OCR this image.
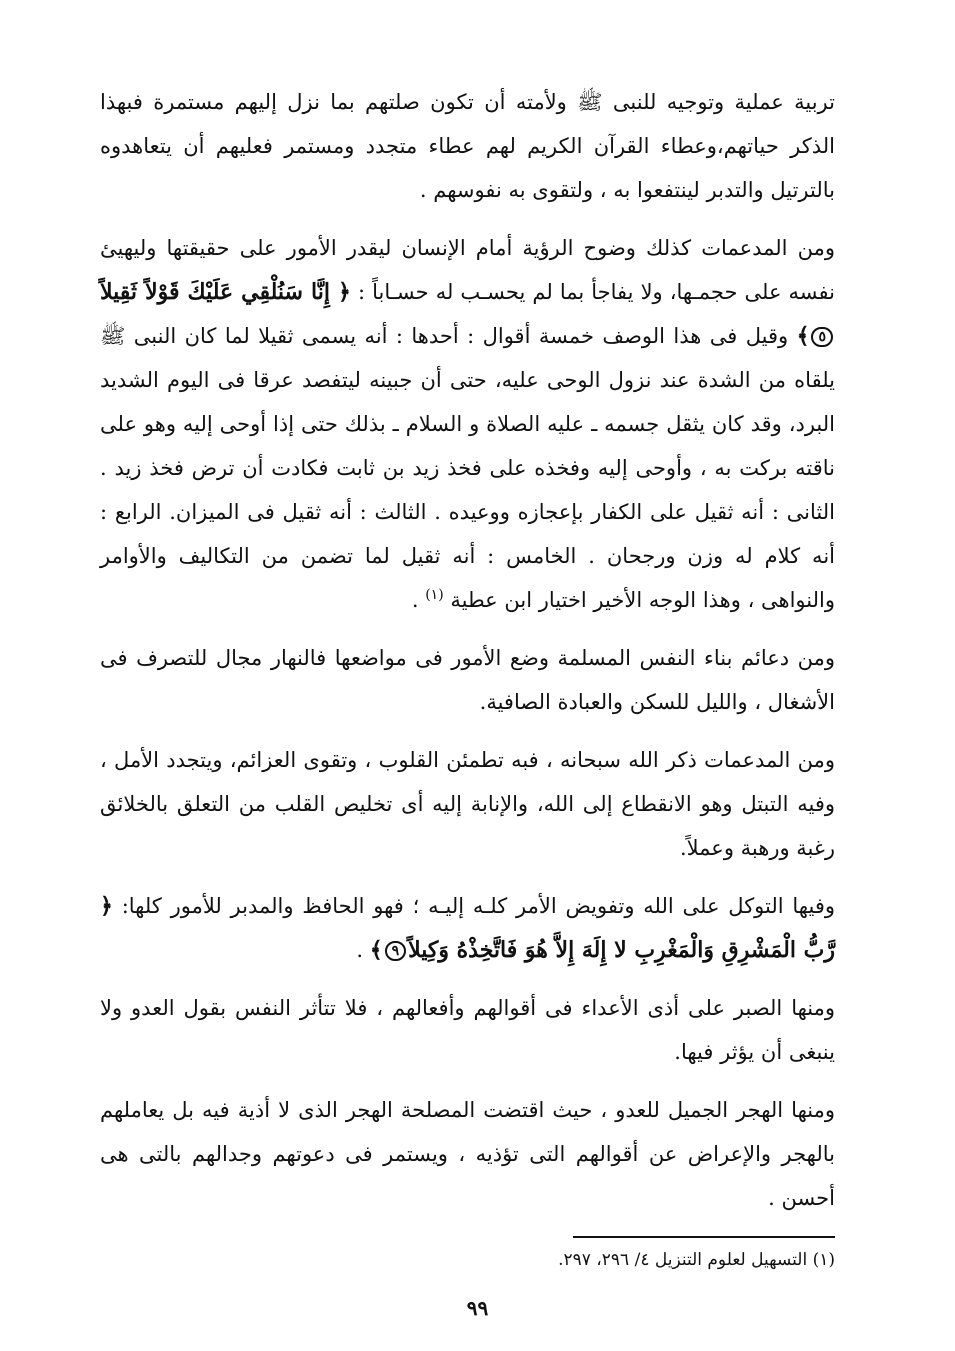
تربية عملية وتوجيه للنبى ﷺ ولأمته أن تكون صلتهم بما نزل إليهم مستمرة فبهذا الذكر حياتهم،وعطاء القرآن الكريم لهم عطاء متجدد ومستمر فعليهم أن يتعاهدوه بالترتيل والتدبر لينتفعوا به ، ولتقوى به نفوسهم .

ومن المدعمات كذلك وضوح الرؤية أمام الإنسان ليقدر الأمور على حقيقتها وليهيئ نفسه على حجمـها، ولا يفاجأ بما لم يحسـب له حسـاباً : ﴿ إِنَّا سَنُلْقِي عَلَيْكَ قَوْلاً ثَقِيلاً٥﴾ وقيل فى هذا الوصف خمسة أقوال : أحدها : أنه يسمى ثقيلا لما كان النبى ﷺ يلقاه من الشدة عند نزول الوحى عليه، حتى أن جبينه ليتفصد عرقا فى اليوم الشديد البرد، وقد كان يثقل جسمه ـ عليه الصلاة و السلام ـ بذلك حتى إذا أوحى إليه وهو على ناقته بركت به ، وأوحى إليه وفخذه على فخذ زيد بن ثابت فكادت أن ترض فخذ زيد . الثانى : أنه ثقيل على الكفار بإعجازه ووعيده . الثالث : أنه ثقيل فى الميزان. الرابع : أنه كلام له وزن ورجحان . الخامس : أنه ثقيل لما تضمن من التكاليف والأوامر والنواهى ، وهذا الوجه الأخير اختيار ابن عطية $^{(١)}$ .

ومن دعائم بناء النفس المسلمة وضع الأمور فى مواضعها فالنهار مجال للتصرف فى الأشغال ، والليل للسكن والعبادة الصافية.

ومن المدعمات ذكر الله سبحانه ، فبه تطمئن القلوب ، وتقوى العزائم، ويتجدد الأمل ، وفيه التبتل وهو الانقطاع إلى الله، والإنابة إليه أى تخليص القلب من التعلق بالخلائق رغبة ورهبة وعملاً.

وفيها التوكل على الله وتفويض الأمر كلـه إليـه ؛ فهو الحافظ والمدبر للأمور كلها: ﴿ رَّبُّ الْمَشْرِقِ وَالْمَغْرِبِ لا إِلَهَ إِلاَّ هُوَ فَاتَّخِذْهُ وَكِيلاً٩﴾ .

ومنها الصبر على أذى الأعداء فى أقوالهم وأفعالهم ، فلا تتأثر النفس بقول العدو ولا ينبغى أن يؤثر فيها.

ومنها الهجر الجميل للعدو ، حيث اقتضت المصلحة الهجر الذى لا أذية فيه بل يعاملهم بالهجر والإعراض عن أقوالهم التى تؤذيه ، ويستمر فى دعوتهم وجدالهم بالتى هى أحسن .

(١) التسهيل لعلوم التنزيل ٤/ ٢٩٦، ٢٩٧.

٩٩
